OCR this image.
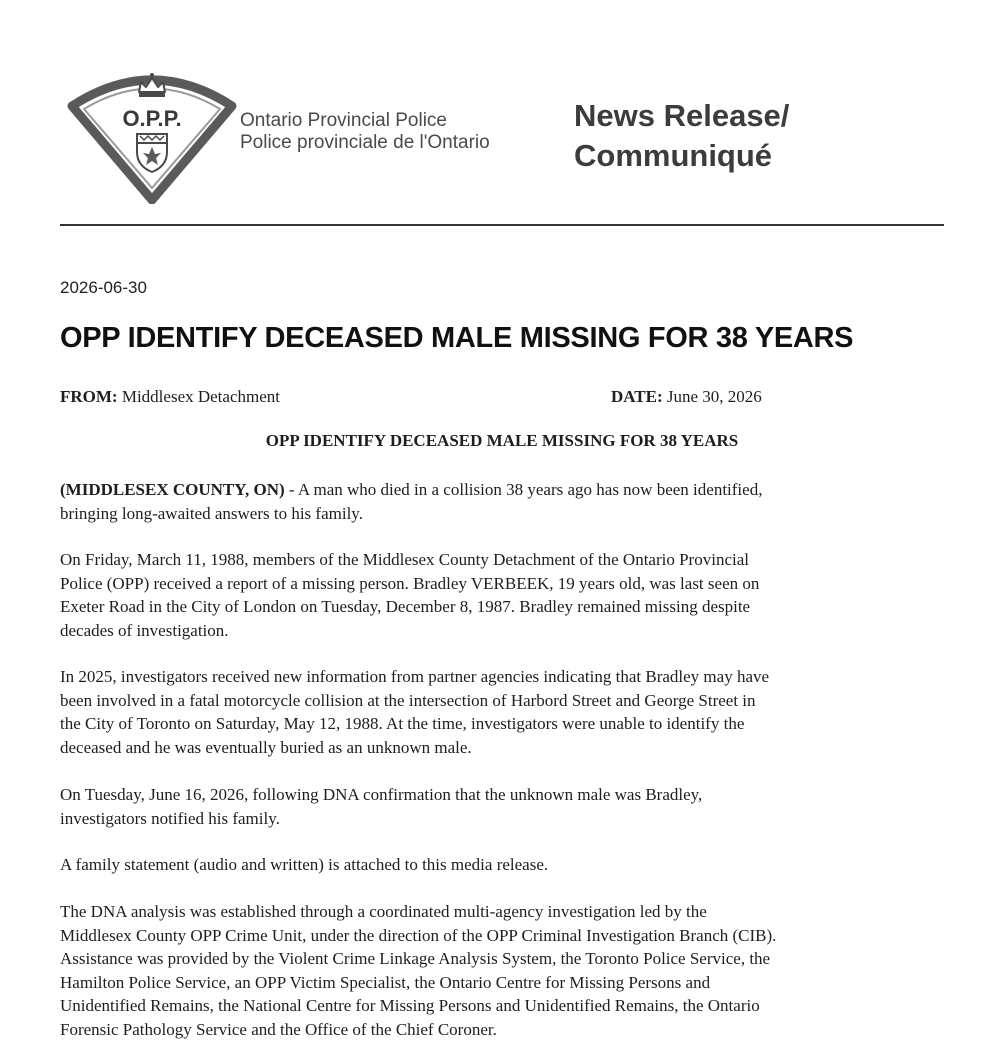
O.P.P.	Ontario Provincial Police
Police provinciale de l'Ontario
News Release/
Communiqué
2026-06-30
OPP IDENTIFY DECEASED MALE MISSING FOR 38 YEARS
FROM: Middlesex Detachment	DATE: June 30, 2026
OPP IDENTIFY DECEASED MALE MISSING FOR 38 YEARS

(MIDDLESEX COUNTY, ON) - A man who died in a collision 38 years ago has now been identified,
bringing long-awaited answers to his family.

On Friday, March 11, 1988, members of the Middlesex County Detachment of the Ontario Provincial
Police (OPP) received a report of a missing person. Bradley VERBEEK, 19 years old, was last seen on
Exeter Road in the City of London on Tuesday, December 8, 1987. Bradley remained missing despite
decades of investigation.

In 2025, investigators received new information from partner agencies indicating that Bradley may have
been involved in a fatal motorcycle collision at the intersection of Harbord Street and George Street in
the City of Toronto on Saturday, May 12, 1988. At the time, investigators were unable to identify the
deceased and he was eventually buried as an unknown male.

On Tuesday, June 16, 2026, following DNA confirmation that the unknown male was Bradley,
investigators notified his family.

A family statement (audio and written) is attached to this media release.

The DNA analysis was established through a coordinated multi-agency investigation led by the
Middlesex County OPP Crime Unit, under the direction of the OPP Criminal Investigation Branch (CIB).
Assistance was provided by the Violent Crime Linkage Analysis System, the Toronto Police Service, the
Hamilton Police Service, an OPP Victim Specialist, the Ontario Centre for Missing Persons and
Unidentified Remains, the National Centre for Missing Persons and Unidentified Remains, the Ontario
Forensic Pathology Service and the Office of the Chief Coroner.
